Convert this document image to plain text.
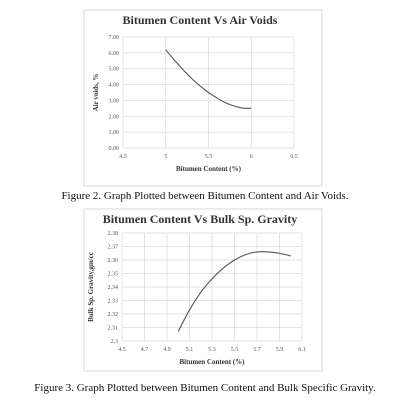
Bitumen Content Vs Air Voids
0.00
1.00
2.00
3.00
4.00
5.00
6.00
7.00
4.5	5	5.5	6	6.5
Bitumen Content (%)
Air voids, %
Figure 2. Graph Plotted between Bitumen Content and Air Voids.
Bitumen Content Vs Bulk Sp. Gravity
2.3
2.31
2.32
2.33
2.34
2.35
2.36
2.37
2.38
4.5	4.7	4.9	5.1	5.3	5.5	5.7	5.9	6.1
Bitumen Content (%)
Bulk Sp. Gravity,gm/cc
Figure 3. Graph Plotted between Bitumen Content and Bulk Specific Gravity.
